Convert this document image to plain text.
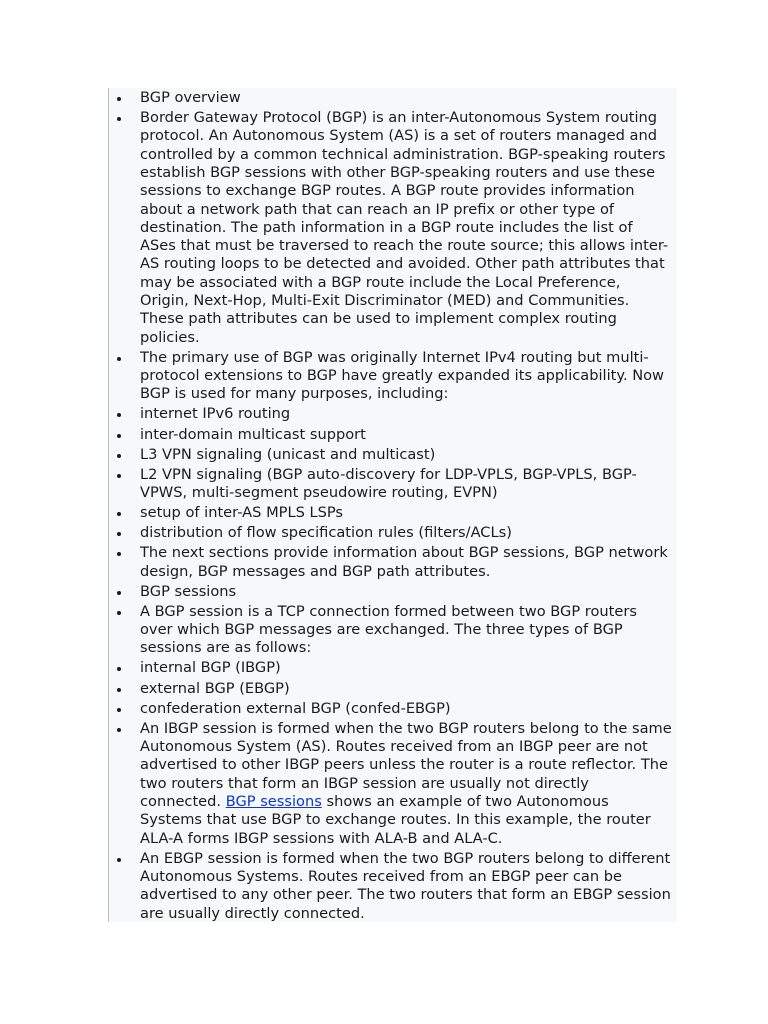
BGP overview
Border Gateway Protocol (BGP) is an inter-Autonomous System routing protocol. An Autonomous System (AS) is a set of routers managed and controlled by a common technical administration. BGP-speaking routers establish BGP sessions with other BGP-speaking routers and use these sessions to exchange BGP routes. A BGP route provides information about a network path that can reach an IP prefix or other type of destination. The path information in a BGP route includes the list of ASes that must be traversed to reach the route source; this allows inter-AS routing loops to be detected and avoided. Other path attributes that may be associated with a BGP route include the Local Preference, Origin, Next-Hop, Multi-Exit Discriminator (MED) and Communities. These path attributes can be used to implement complex routing policies.
The primary use of BGP was originally Internet IPv4 routing but multi-protocol extensions to BGP have greatly expanded its applicability. Now BGP is used for many purposes, including:
internet IPv6 routing
inter-domain multicast support
L3 VPN signaling (unicast and multicast)
L2 VPN signaling (BGP auto-discovery for LDP-VPLS, BGP-VPLS, BGP-VPWS, multi-segment pseudowire routing, EVPN)
setup of inter-AS MPLS LSPs
distribution of flow specification rules (filters/ACLs)
The next sections provide information about BGP sessions, BGP network design, BGP messages and BGP path attributes.
BGP sessions
A BGP session is a TCP connection formed between two BGP routers over which BGP messages are exchanged. The three types of BGP sessions are as follows:
internal BGP (IBGP)
external BGP (EBGP)
confederation external BGP (confed-EBGP)
An IBGP session is formed when the two BGP routers belong to the same Autonomous System (AS). Routes received from an IBGP peer are not advertised to other IBGP peers unless the router is a route reflector. The two routers that form an IBGP session are usually not directly connected. BGP sessions shows an example of two Autonomous Systems that use BGP to exchange routes. In this example, the router ALA-A forms IBGP sessions with ALA-B and ALA-C.
An EBGP session is formed when the two BGP routers belong to different Autonomous Systems. Routes received from an EBGP peer can be advertised to any other peer. The two routers that form an EBGP session are usually directly connected.
